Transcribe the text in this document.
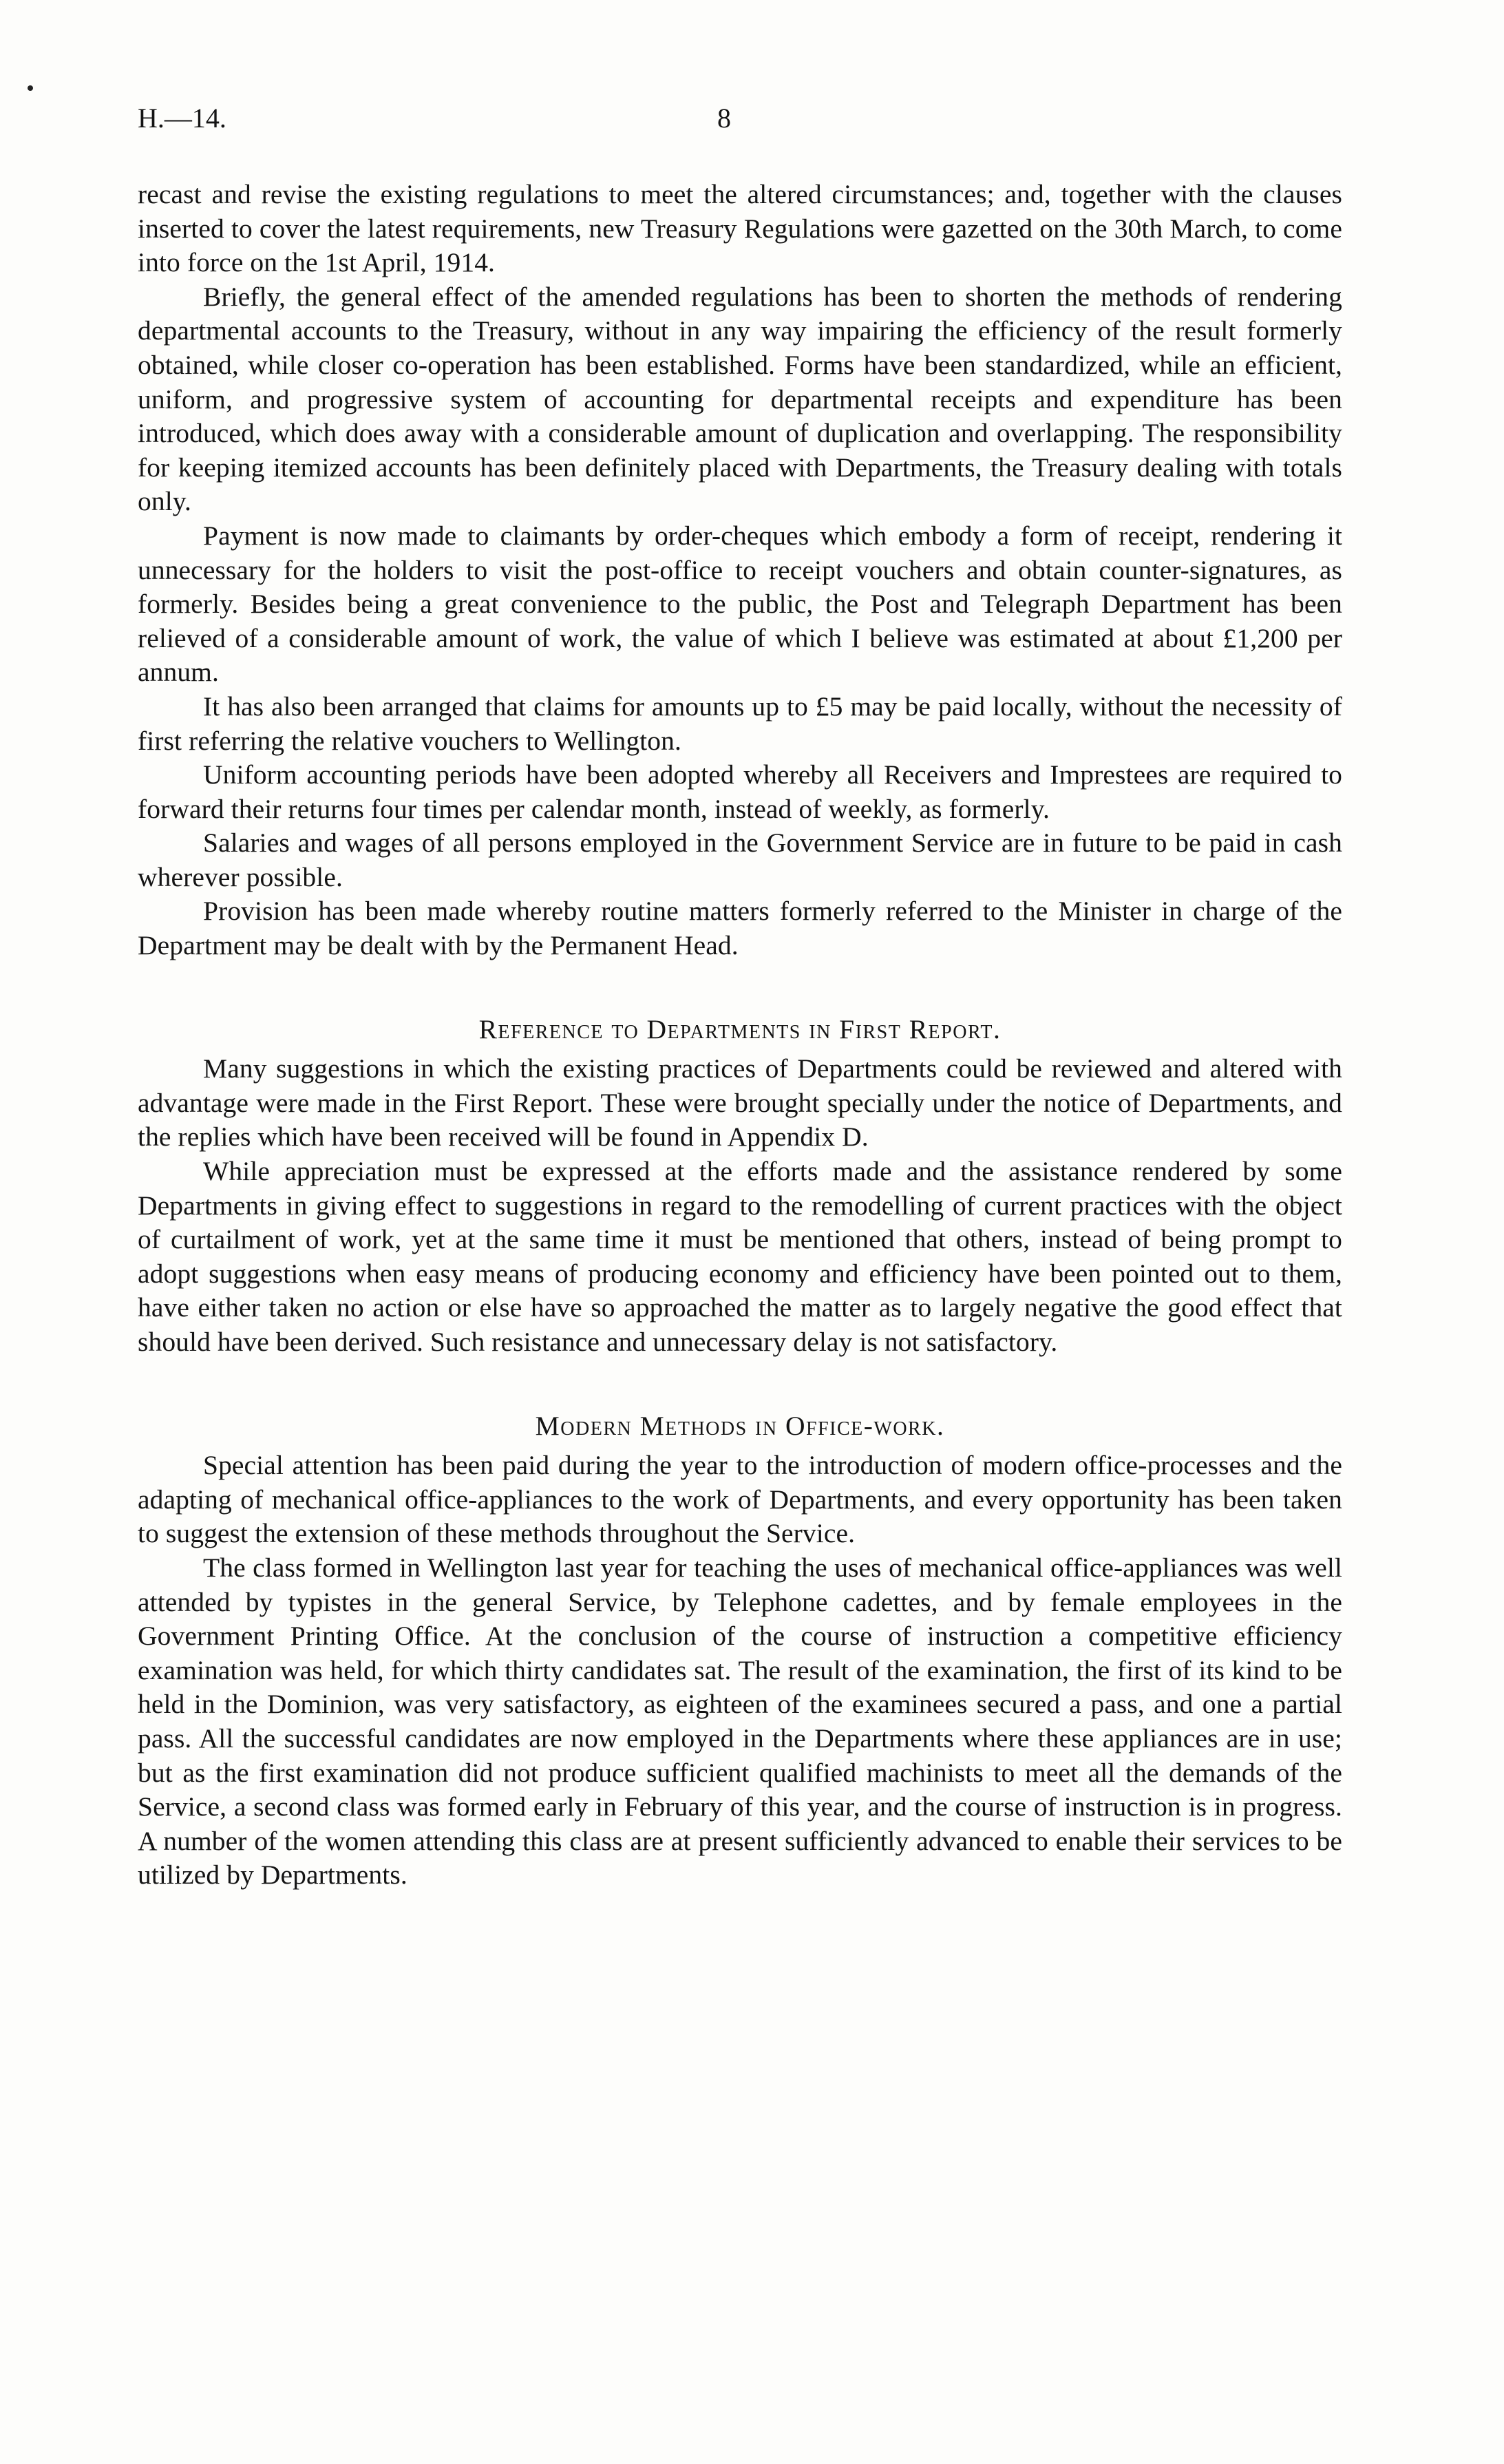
H.—14.	8

recast and revise the existing regulations to meet the altered circumstances; and, together with the clauses inserted to cover the latest requirements, new Treasury Regulations were gazetted on the 30th March, to come into force on the 1st April, 1914.

Briefly, the general effect of the amended regulations has been to shorten the methods of rendering departmental accounts to the Treasury, without in any way impairing the efficiency of the result formerly obtained, while closer co-operation has been established. Forms have been standardized, while an efficient, uniform, and progressive system of accounting for departmental receipts and expenditure has been introduced, which does away with a considerable amount of duplication and overlapping. The responsibility for keeping itemized accounts has been definitely placed with Departments, the Treasury dealing with totals only.

Payment is now made to claimants by order-cheques which embody a form of receipt, rendering it unnecessary for the holders to visit the post-office to receipt vouchers and obtain counter-signatures, as formerly. Besides being a great convenience to the public, the Post and Telegraph Department has been relieved of a considerable amount of work, the value of which I believe was estimated at about £1,200 per annum.

It has also been arranged that claims for amounts up to £5 may be paid locally, without the necessity of first referring the relative vouchers to Wellington.

Uniform accounting periods have been adopted whereby all Receivers and Imprestees are required to forward their returns four times per calendar month, instead of weekly, as formerly.

Salaries and wages of all persons employed in the Government Service are in future to be paid in cash wherever possible.

Provision has been made whereby routine matters formerly referred to the Minister in charge of the Department may be dealt with by the Permanent Head.

Reference to Departments in First Report.

Many suggestions in which the existing practices of Departments could be reviewed and altered with advantage were made in the First Report. These were brought specially under the notice of Departments, and the replies which have been received will be found in Appendix D.

While appreciation must be expressed at the efforts made and the assistance rendered by some Departments in giving effect to suggestions in regard to the remodelling of current practices with the object of curtailment of work, yet at the same time it must be mentioned that others, instead of being prompt to adopt suggestions when easy means of producing economy and efficiency have been pointed out to them, have either taken no action or else have so approached the matter as to largely negative the good effect that should have been derived. Such resistance and unnecessary delay is not satisfactory.

Modern Methods in Office-work.

Special attention has been paid during the year to the introduction of modern office-processes and the adapting of mechanical office-appliances to the work of Departments, and every opportunity has been taken to suggest the extension of these methods throughout the Service.

The class formed in Wellington last year for teaching the uses of mechanical office-appliances was well attended by typistes in the general Service, by Telephone cadettes, and by female employees in the Government Printing Office. At the conclusion of the course of instruction a competitive efficiency examination was held, for which thirty candidates sat. The result of the examination, the first of its kind to be held in the Dominion, was very satisfactory, as eighteen of the examinees secured a pass, and one a partial pass. All the successful candidates are now employed in the Departments where these appliances are in use; but as the first examination did not produce sufficient qualified machinists to meet all the demands of the Service, a second class was formed early in February of this year, and the course of instruction is in progress. A number of the women attending this class are at present sufficiently advanced to enable their services to be utilized by Departments.
